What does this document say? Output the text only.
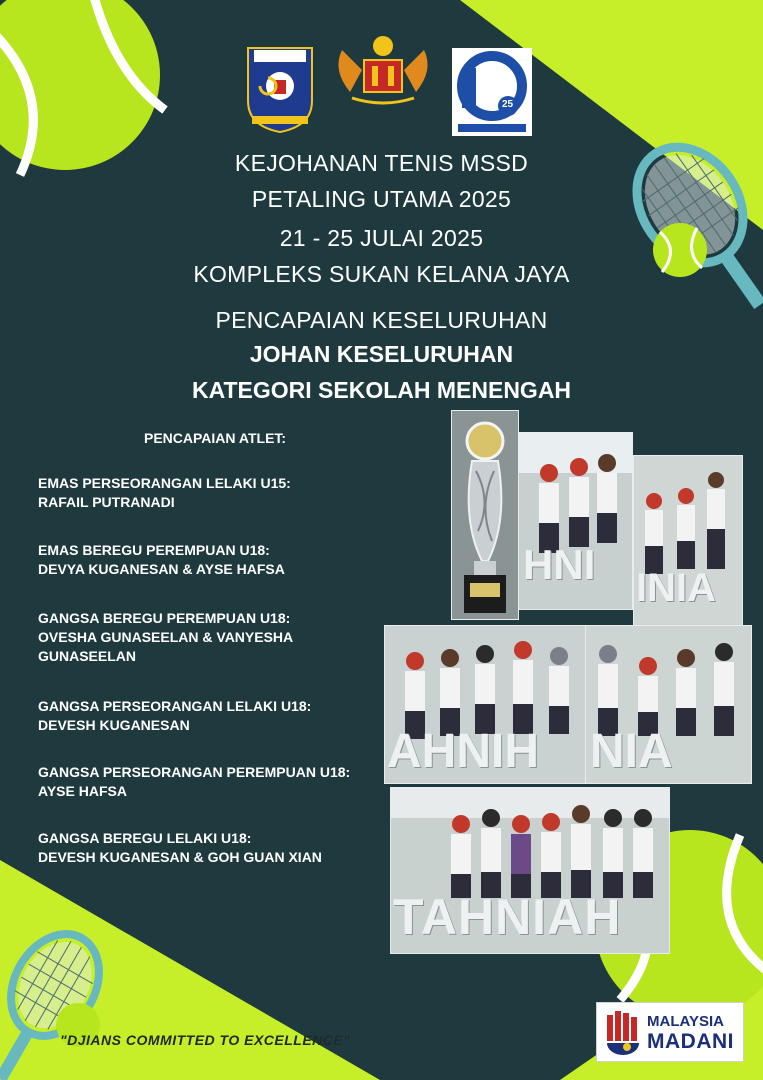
25
KEJOHANAN TENIS MSSD
PETALING UTAMA 2025
21 - 25 JULAI 2025
KOMPLEKS SUKAN KELANA JAYA
PENCAPAIAN KESELURUHAN
JOHAN KESELURUHAN
KATEGORI SEKOLAH MENENGAH
PENCAPAIAN ATLET:
EMAS PERSEORANGAN LELAKI U15:
RAFAIL PUTRANADI
EMAS BEREGU PEREMPUAN U18:
DEVYA KUGANESAN & AYSE HAFSA
GANGSA BEREGU PEREMPUAN U18:
OVESHA GUNASEELAN & VANYESHA
GUNASEELAN
GANGSA PERSEORANGAN LELAKI U18:
DEVESH KUGANESAN
GANGSA PERSEORANGAN PEREMPUAN U18:
AYSE HAFSA
GANGSA BEREGU LELAKI U18:
DEVESH KUGANESAN & GOH GUAN XIAN
HNI INIA
AHNIH NIA
TAHNIAH
"DJIANS COMMITTED TO EXCELLENCE"
MALAYSIA
MADANI
